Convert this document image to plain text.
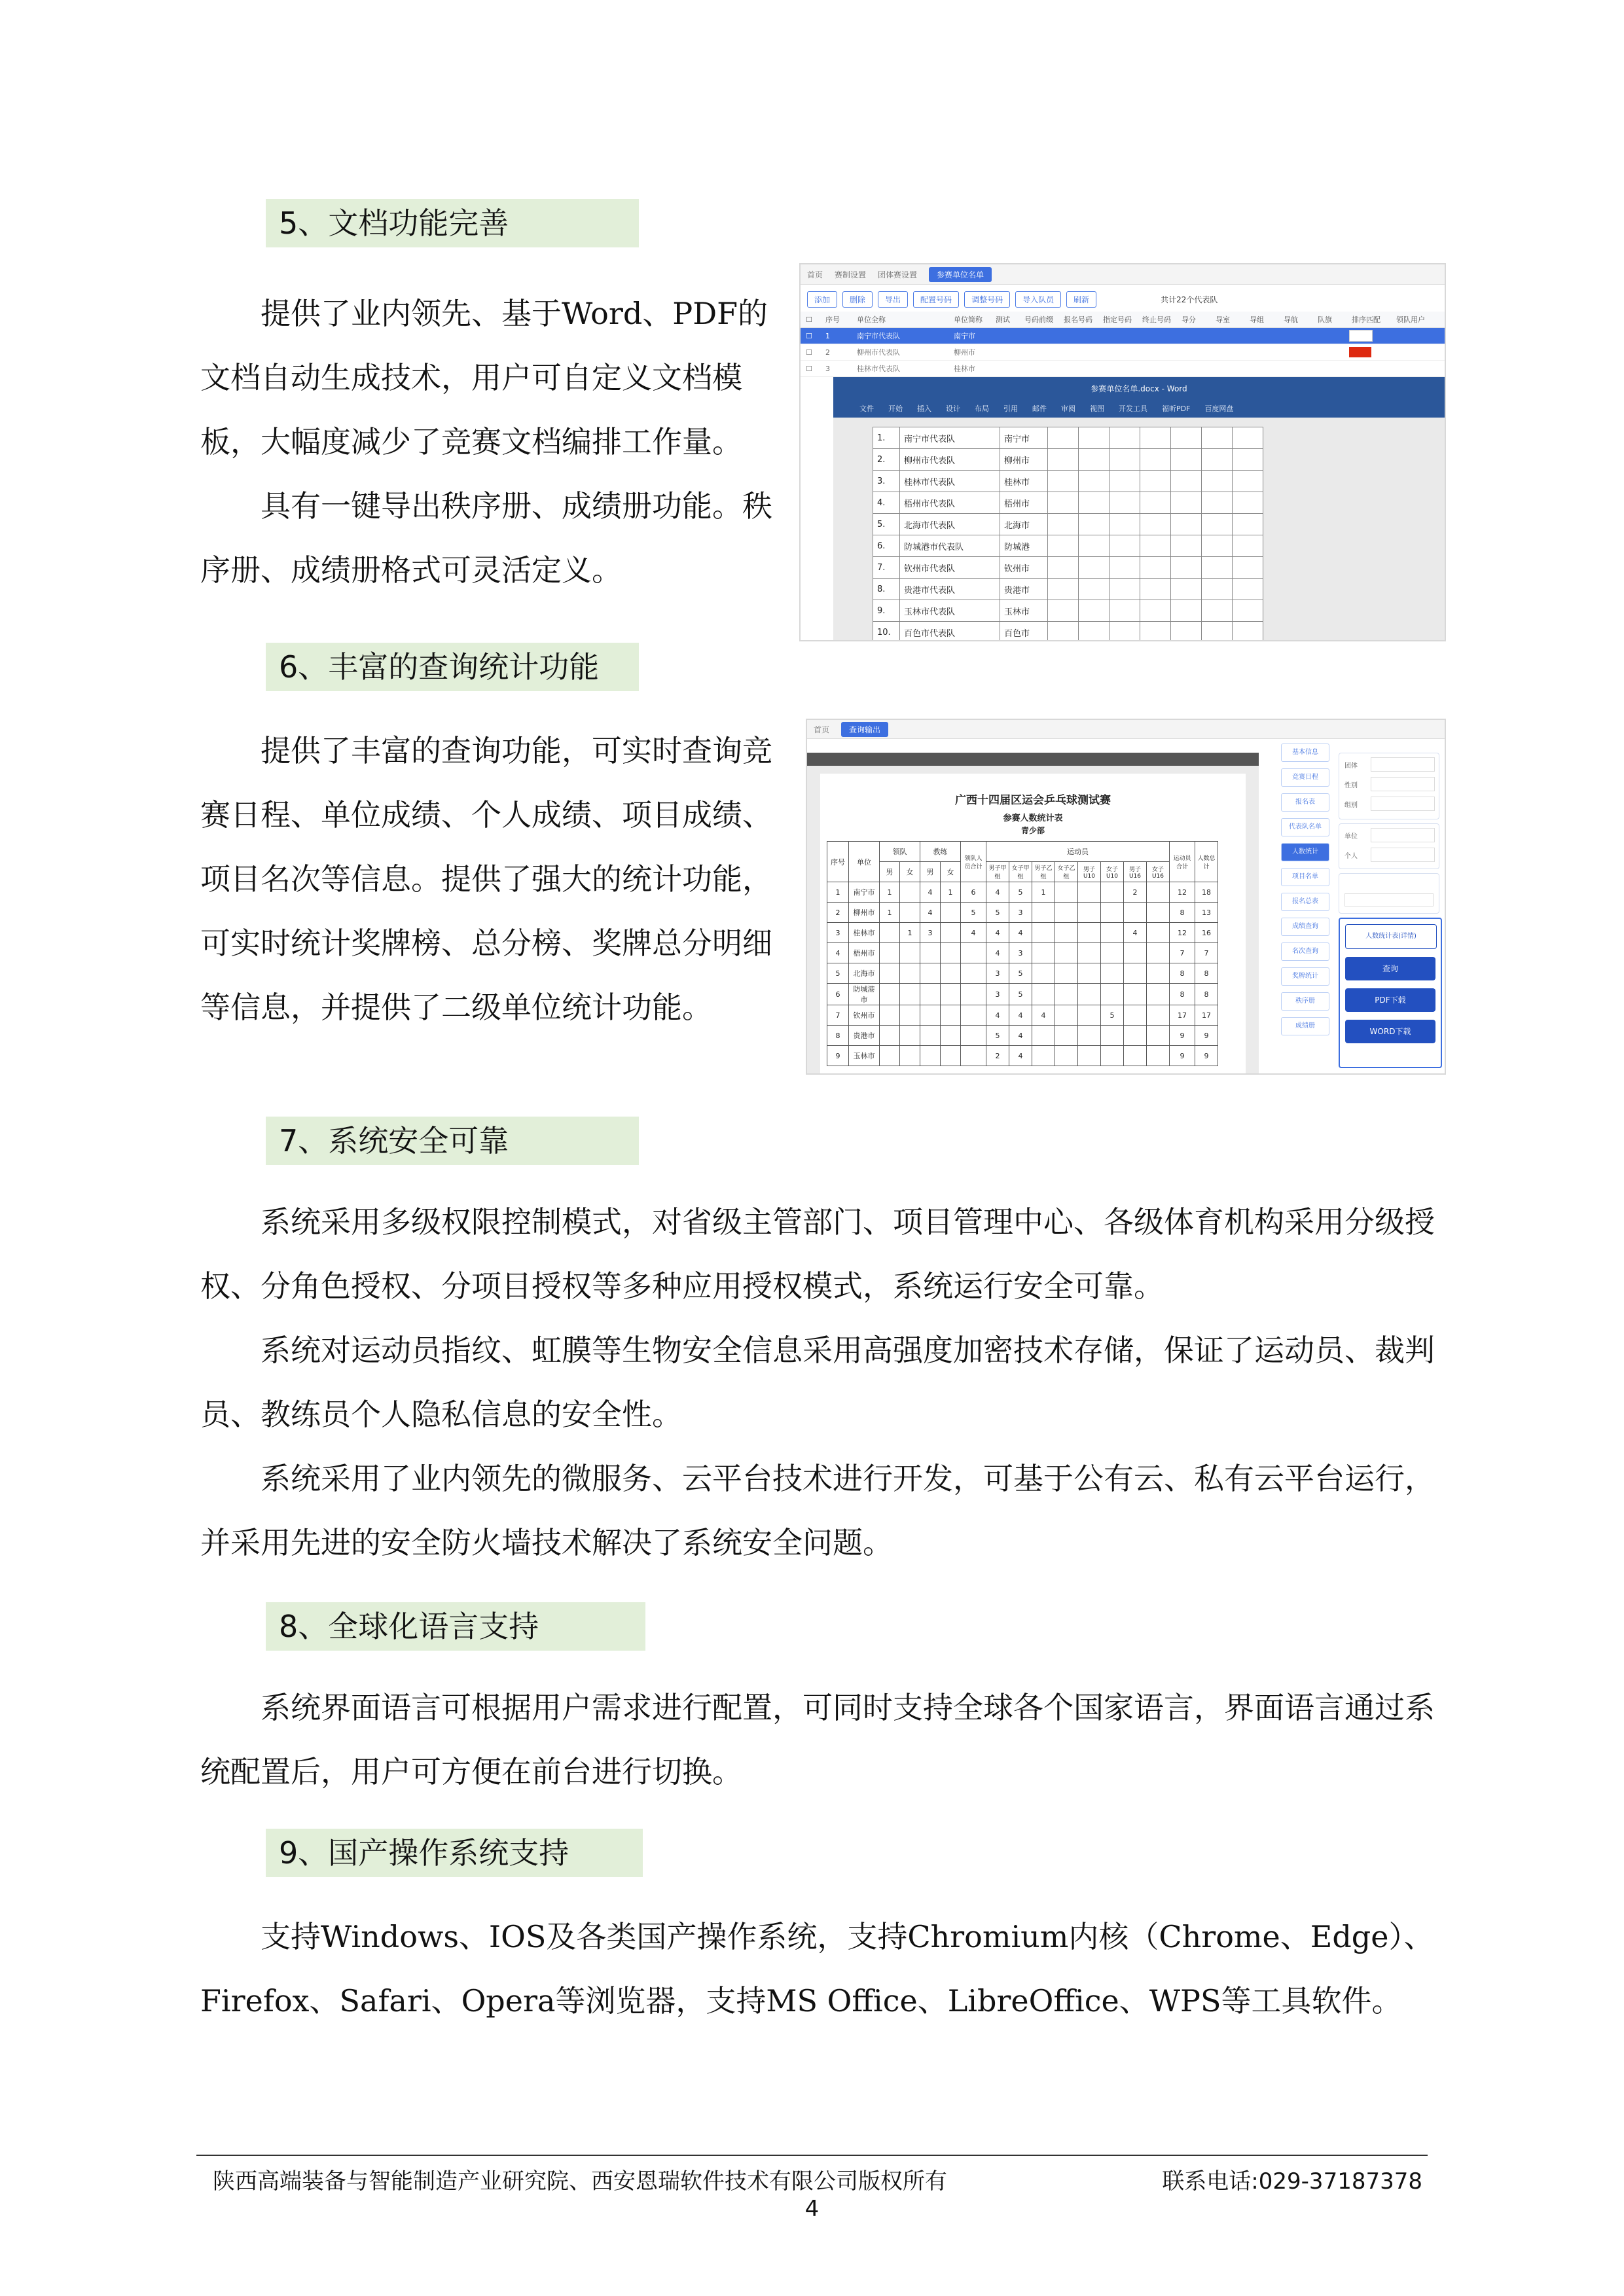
5、文档功能完善

提供了业内领先、基于Word、PDF的文档自动生成技术，用户可自定义文档模板，大幅度减少了竞赛文档编排工作量。

具有一键导出秩序册、成绩册功能。秩序册、成绩册格式可灵活定义。

首页 赛制设置 团体赛设置	参赛单位名单
添加	删除	导出	配置号码	调整号码	导入队员	刷新	共计22个代表队
☐	序号	单位全称	单位简称	测试	号码前缀	报名号码	指定号码	终止号码	导分	导室	导组	导航	队旗	排序匹配	领队用户
☐	1	南宁市代表队	南宁市
☐	2	柳州市代表队	柳州市
☐	3	桂林市代表队	桂林市
参赛单位名单.docx - Word
文件 开始 插入 设计 布局 引用 邮件 审阅 视图 开发工具 福昕PDF 百度网盘
1.	南宁市代表队	南宁市							
2.	柳州市代表队	柳州市							
3.	桂林市代表队	桂林市							
4.	梧州市代表队	梧州市							
5.	北海市代表队	北海市							
6.	防城港市代表队	防城港							
7.	钦州市代表队	钦州市							
8.	贵港市代表队	贵港市							
9.	玉林市代表队	玉林市							
10.	百色市代表队	百色市							
6、丰富的查询统计功能

提供了丰富的查询功能，可实时查询竞赛日程、单位成绩、个人成绩、项目成绩、项目名次等信息。提供了强大的统计功能，可实时统计奖牌榜、总分榜、奖牌总分明细等信息，并提供了二级单位统计功能。

首页	查询输出
广西十四届区运会乒乓球测试赛
参赛人数统计表
青少部
序号	单位	领队		教练		领队人员合计	运动员								运动员合计	人数总计
		男	女	男	女		男子甲组	女子甲组	男子乙组	女子乙组	男子U10	女子U10	男子U16	女子U16		
1	南宁市	1		4	1	6	4	5	1				2		12	18
2	柳州市	1		4		5	5	3							8	13
3	桂林市		1	3		4	4	4					4		12	16
4	梧州市						4	3							7	7
5	北海市						3	5							8	8
6	防城港市						3	5							8	8
7	钦州市						4	4	4			5			17	17
8	贵港市						5	4							9	9
9	玉林市						2	4							9	9
基本信息
竞赛日程
报名表
代表队名单
人数统计
项目名单
报名总表
成绩查询
名次查询
奖牌统计
秩序册
成绩册
团体
性别
组别
单位
个人
人数统计表(详情)
查询
PDF下载
WORD下载
7、系统安全可靠

系统采用多级权限控制模式，对省级主管部门、项目管理中心、各级体育机构采用分级授权、分角色授权、分项目授权等多种应用授权模式，系统运行安全可靠。

系统对运动员指纹、虹膜等生物安全信息采用高强度加密技术存储，保证了运动员、裁判员、教练员个人隐私信息的安全性。

系统采用了业内领先的微服务、云平台技术进行开发，可基于公有云、私有云平台运行，并采用先进的安全防火墙技术解决了系统安全问题。

8、全球化语言支持

系统界面语言可根据用户需求进行配置，可同时支持全球各个国家语言，界面语言通过系统配置后，用户可方便在前台进行切换。

9、国产操作系统支持

支持Windows、IOS及各类国产操作系统，支持Chromium内核（Chrome、Edge）、Firefox、Safari、Opera等浏览器，支持MS Office、LibreOffice、WPS等工具软件。

陕西高端装备与智能制造产业研究院、西安恩瑞软件技术有限公司版权所有	联系电话:029-37187378
4
